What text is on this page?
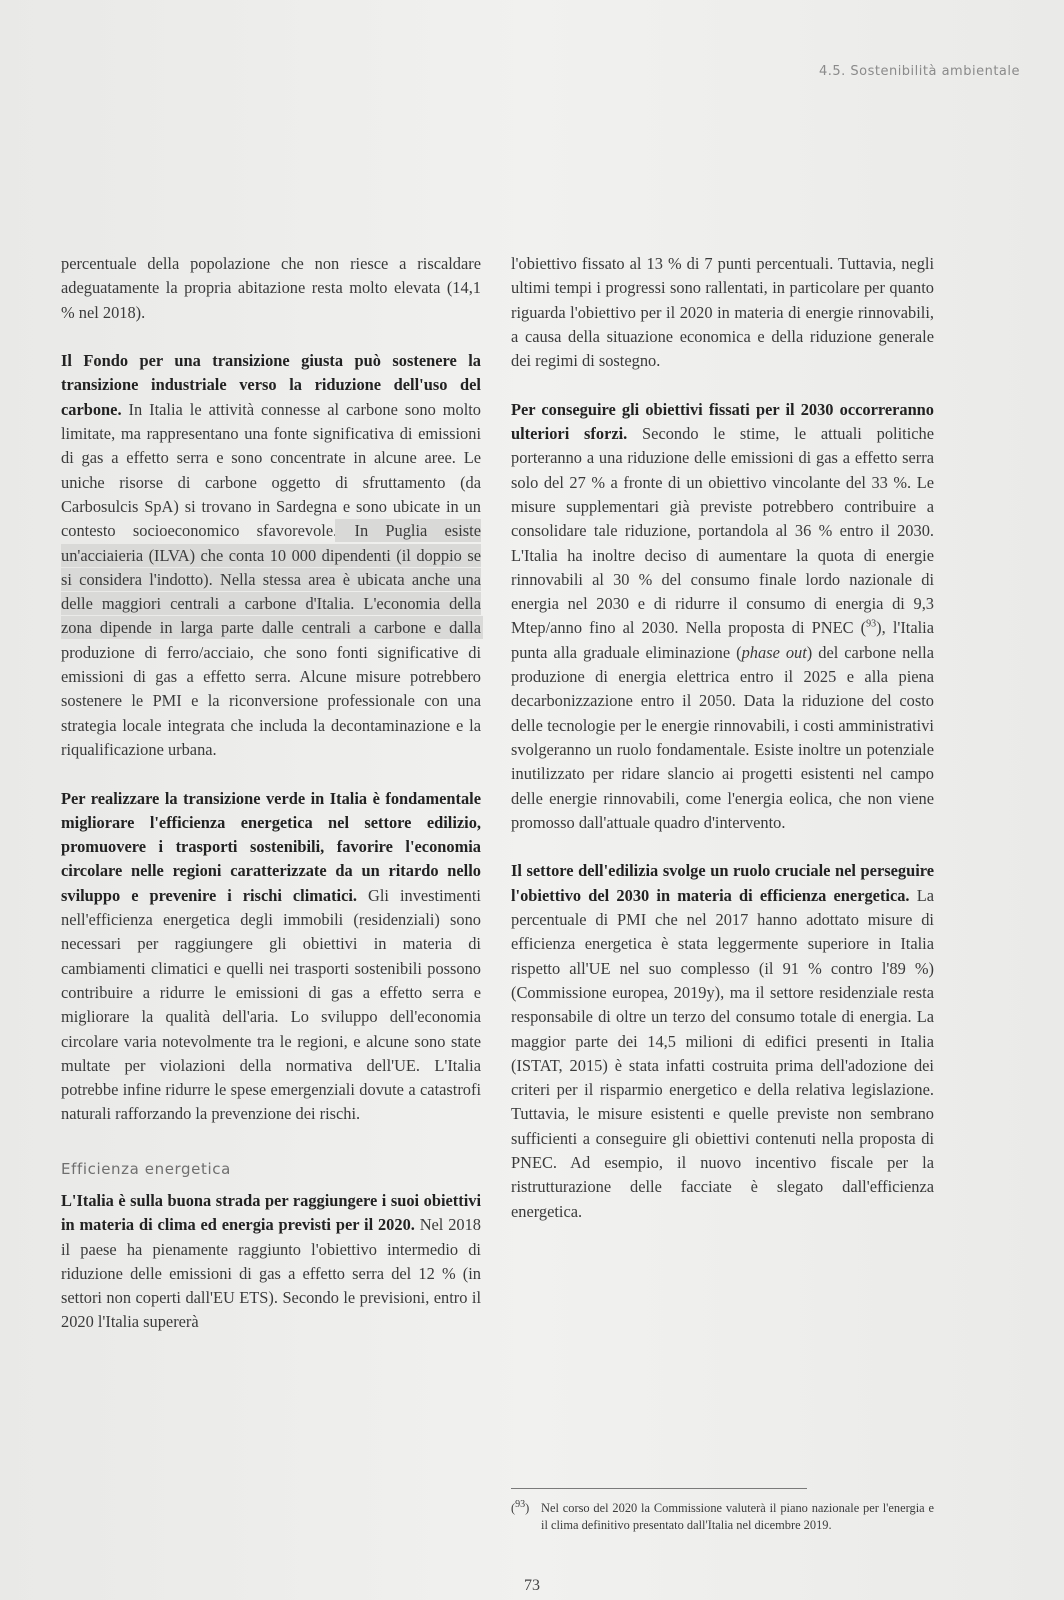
4.5. Sostenibilità ambientale

percentuale della popolazione che non riesce a riscaldare adeguatamente la propria abitazione resta molto elevata (14,1 % nel 2018).

Il Fondo per una transizione giusta può sostenere la transizione industriale verso la riduzione dell'uso del carbone. In Italia le attività connesse al carbone sono molto limitate, ma rappresentano una fonte significativa di emissioni di gas a effetto serra e sono concentrate in alcune aree. Le uniche risorse di carbone oggetto di sfruttamento (da Carbosulcis SpA) si trovano in Sardegna e sono ubicate in un contesto socioeconomico sfavorevole. In Puglia esiste un'acciaieria (ILVA) che conta 10 000 dipendenti (il doppio se si considera l'indotto). Nella stessa area è ubicata anche una delle maggiori centrali a carbone d'Italia. L'economia della zona dipende in larga parte dalle centrali a carbone e dalla produzione di ferro/acciaio, che sono fonti significative di emissioni di gas a effetto serra. Alcune misure potrebbero sostenere le PMI e la riconversione professionale con una strategia locale integrata che includa la decontaminazione e la riqualificazione urbana.

Per realizzare la transizione verde in Italia è fondamentale migliorare l'efficienza energetica nel settore edilizio, promuovere i trasporti sostenibili, favorire l'economia circolare nelle regioni caratterizzate da un ritardo nello sviluppo e prevenire i rischi climatici. Gli investimenti nell'efficienza energetica degli immobili (residenziali) sono necessari per raggiungere gli obiettivi in materia di cambiamenti climatici e quelli nei trasporti sostenibili possono contribuire a ridurre le emissioni di gas a effetto serra e migliorare la qualità dell'aria. Lo sviluppo dell'economia circolare varia notevolmente tra le regioni, e alcune sono state multate per violazioni della normativa dell'UE. L'Italia potrebbe infine ridurre le spese emergenziali dovute a catastrofi naturali rafforzando la prevenzione dei rischi.

Efficienza energetica

L'Italia è sulla buona strada per raggiungere i suoi obiettivi in materia di clima ed energia previsti per il 2020. Nel 2018 il paese ha pienamente raggiunto l'obiettivo intermedio di riduzione delle emissioni di gas a effetto serra del 12 % (in settori non coperti dall'EU ETS). Secondo le previsioni, entro il 2020 l'Italia supererà

l'obiettivo fissato al 13 % di 7 punti percentuali. Tuttavia, negli ultimi tempi i progressi sono rallentati, in particolare per quanto riguarda l'obiettivo per il 2020 in materia di energie rinnovabili, a causa della situazione economica e della riduzione generale dei regimi di sostegno.

Per conseguire gli obiettivi fissati per il 2030 occorreranno ulteriori sforzi. Secondo le stime, le attuali politiche porteranno a una riduzione delle emissioni di gas a effetto serra solo del 27 % a fronte di un obiettivo vincolante del 33 %. Le misure supplementari già previste potrebbero contribuire a consolidare tale riduzione, portandola al 36 % entro il 2030. L'Italia ha inoltre deciso di aumentare la quota di energie rinnovabili al 30 % del consumo finale lordo nazionale di energia nel 2030 e di ridurre il consumo di energia di 9,3 Mtep/anno fino al 2030. Nella proposta di PNEC ($^{93}$), l'Italia punta alla graduale eliminazione (phase out) del carbone nella produzione di energia elettrica entro il 2025 e alla piena decarbonizzazione entro il 2050. Data la riduzione del costo delle tecnologie per le energie rinnovabili, i costi amministrativi svolgeranno un ruolo fondamentale. Esiste inoltre un potenziale inutilizzato per ridare slancio ai progetti esistenti nel campo delle energie rinnovabili, come l'energia eolica, che non viene promosso dall'attuale quadro d'intervento.

Il settore dell'edilizia svolge un ruolo cruciale nel perseguire l'obiettivo del 2030 in materia di efficienza energetica. La percentuale di PMI che nel 2017 hanno adottato misure di efficienza energetica è stata leggermente superiore in Italia rispetto all'UE nel suo complesso (il 91 % contro l'89 %) (Commissione europea, 2019y), ma il settore residenziale resta responsabile di oltre un terzo del consumo totale di energia. La maggior parte dei 14,5 milioni di edifici presenti in Italia (ISTAT, 2015) è stata infatti costruita prima dell'adozione dei criteri per il risparmio energetico e della relativa legislazione. Tuttavia, le misure esistenti e quelle previste non sembrano sufficienti a conseguire gli obiettivi contenuti nella proposta di PNEC. Ad esempio, il nuovo incentivo fiscale per la ristrutturazione delle facciate è slegato dall'efficienza energetica.

($^{93}$) Nel corso del 2020 la Commissione valuterà il piano nazionale per l'energia e il clima definitivo presentato dall'Italia nel dicembre 2019.
73
